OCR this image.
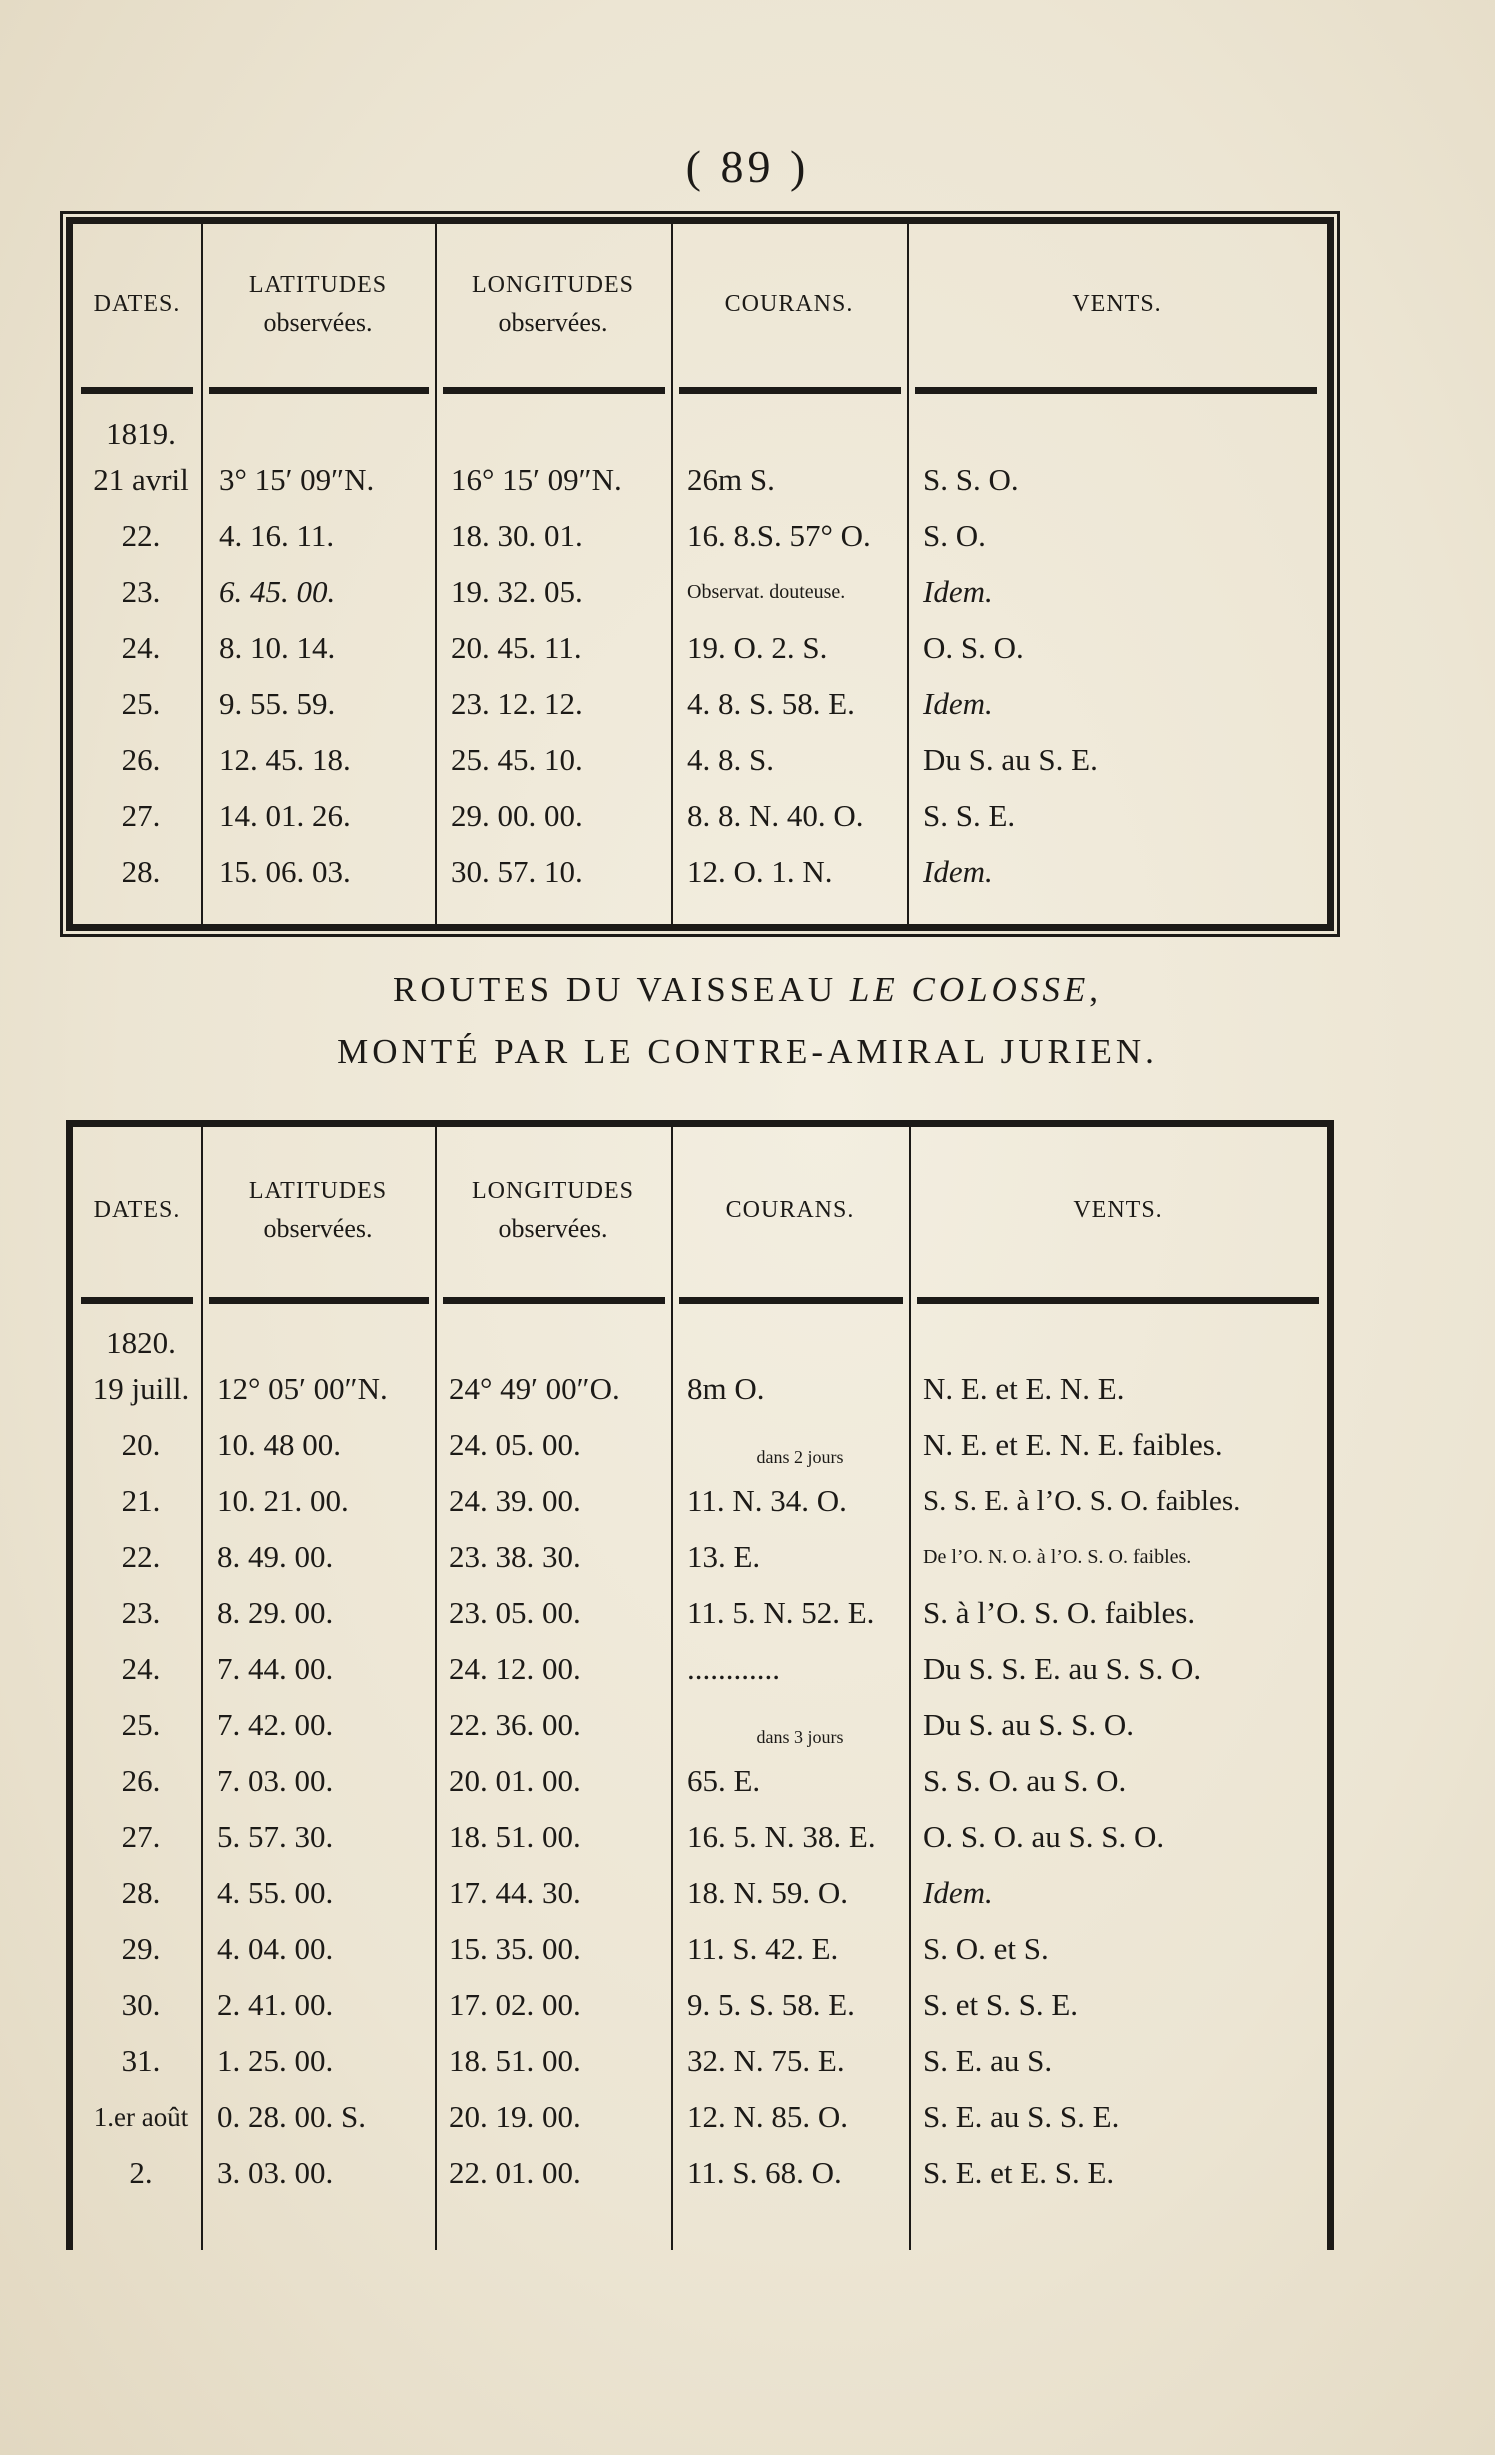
( 89 )
DATES.
LATITUDES
observées.
LONGITUDES
observées.
COURANS.	VENTS.
1819.
21 avril 3° 15′ 09″N.	16° 15′ 09″N.	26m S.	S. S. O.
22.	4. 16. 11.	18. 30. 01.	16. 8.S. 57° O.	S. O.
23.	6. 45. 00.	19. 32. 05.	Observat. douteuse.	Idem.
24.	8. 10. 14.	20. 45. 11.	19. O. 2. S.	O. S. O.
25.	9. 55. 59.	23. 12. 12.	4. 8. S. 58. E.	Idem.
26.	12. 45. 18.	25. 45. 10.	4. 8. S.	Du S. au S. E.
27.	14. 01. 26.	29. 00. 00.	8. 8. N. 40. O.	S. S. E.
28.	15. 06. 03.	30. 57. 10.	12. O. 1. N.	Idem.
ROUTES DU VAISSEAU LE COLOSSE,
MONTÉ PAR LE CONTRE-AMIRAL JURIEN.
DATES.
LATITUDES
observées.
LONGITUDES
observées.
COURANS.	VENTS.
1820.
19 juill. 12° 05′ 00″N.	24° 49′ 00″O.	8m O.	N. E. et E. N. E.
20.	10. 48 00.	24. 05. 00.	dans 2 jours	N. E. et E. N. E. faibles.
21.	10. 21. 00.	24. 39. 00.	11. N. 34. O.	S. S. E. à l’O. S. O. faibles.
22.	8. 49. 00.	23. 38. 30.	13. E.	De l’O. N. O. à l’O. S. O. faibles.
23.	8. 29. 00.	23. 05. 00.	11. 5. N. 52. E.	S. à l’O. S. O. faibles.
24.	7. 44. 00.	24. 12. 00.	............	Du S. S. E. au S. S. O.
25.	7. 42. 00.	22. 36. 00.	dans 3 jours	Du S. au S. S. O.
26.	7. 03. 00.	20. 01. 00.	65. E.	S. S. O. au S. O.
27.	5. 57. 30.	18. 51. 00.	16. 5. N. 38. E.	O. S. O. au S. S. O.
28.	4. 55. 00.	17. 44. 30.	18. N. 59. O.	Idem.
29.	4. 04. 00.	15. 35. 00.	11. S. 42. E.	S. O. et S.
30.	2. 41. 00.	17. 02. 00.	9. 5. S. 58. E.	S. et S. S. E.
31.	1. 25. 00.	18. 51. 00.	32. N. 75. E.	S. E. au S.
1.er août 0. 28. 00. S.	20. 19. 00.	12. N. 85. O.	S. E. au S. S. E.
2.	3. 03. 00.	22. 01. 00.	11. S. 68. O.	S. E. et E. S. E.
